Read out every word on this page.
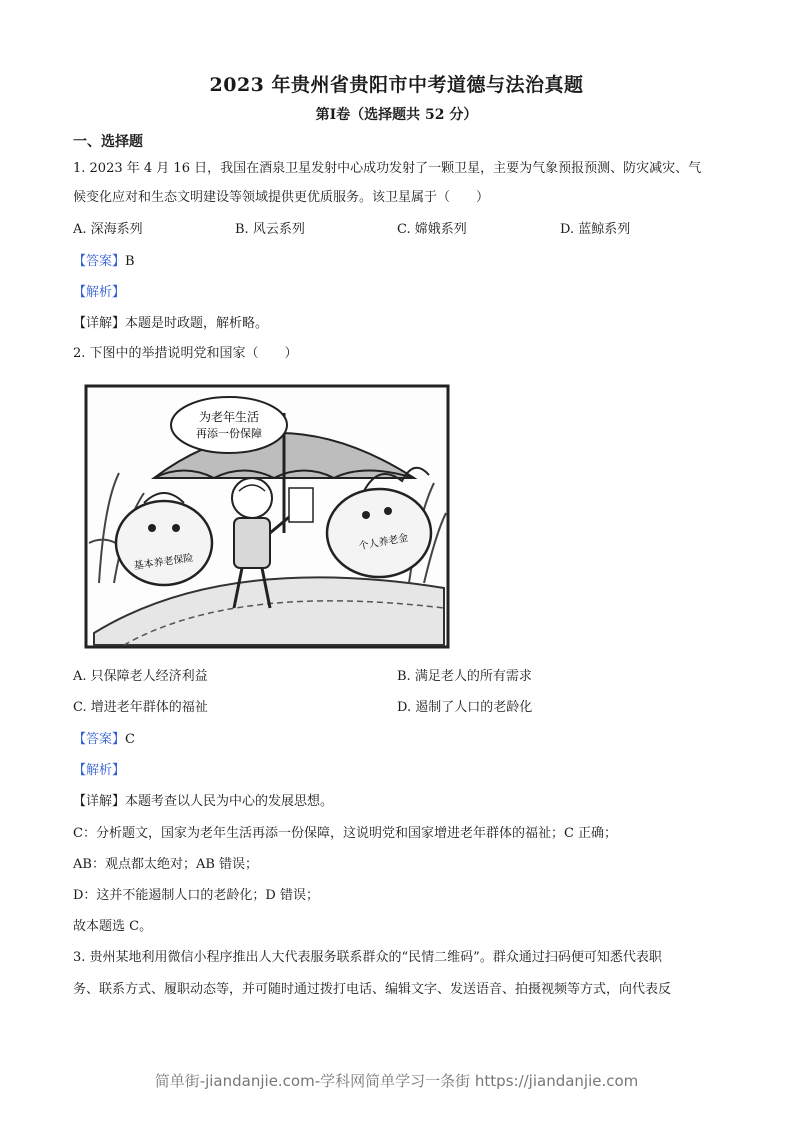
2023 年贵州省贵阳市中考道德与法治真题
第Ⅰ卷（选择题共 52 分）
一、选择题
1. 2023 年 4 月 16 日，我国在酒泉卫星发射中心成功发射了一颗卫星，主要为气象预报预测、防灾减灾、气
候变化应对和生态文明建设等领域提供更优质服务。该卫星属于（　　）
A. 深海系列	B. 风云系列	C. 嫦娥系列	D. 蓝鲸系列
【答案】B
【解析】
【详解】本题是时政题，解析略。
2. 下图中的举措说明党和国家（　　）
为老年生活
再添一份保障
基本养老保险
个人养老金
A. 只保障老人经济利益	B. 满足老人的所有需求
C. 增进老年群体的福祉	D. 遏制了人口的老龄化
【答案】C
【解析】
【详解】本题考查以人民为中心的发展思想。
C：分析题文，国家为老年生活再添一份保障，这说明党和国家增进老年群体的福祉；C 正确；
AB：观点都太绝对；AB 错误；
D：这并不能遏制人口的老龄化；D 错误；
故本题选 C。
3. 贵州某地利用微信小程序推出人大代表服务联系群众的“民情二维码”。群众通过扫码便可知悉代表职
务、联系方式、履职动态等，并可随时通过拨打电话、编辑文字、发送语音、拍摄视频等方式，向代表反
简单街-jiandanjie.com-学科网简单学习一条街 https://jiandanjie.com
